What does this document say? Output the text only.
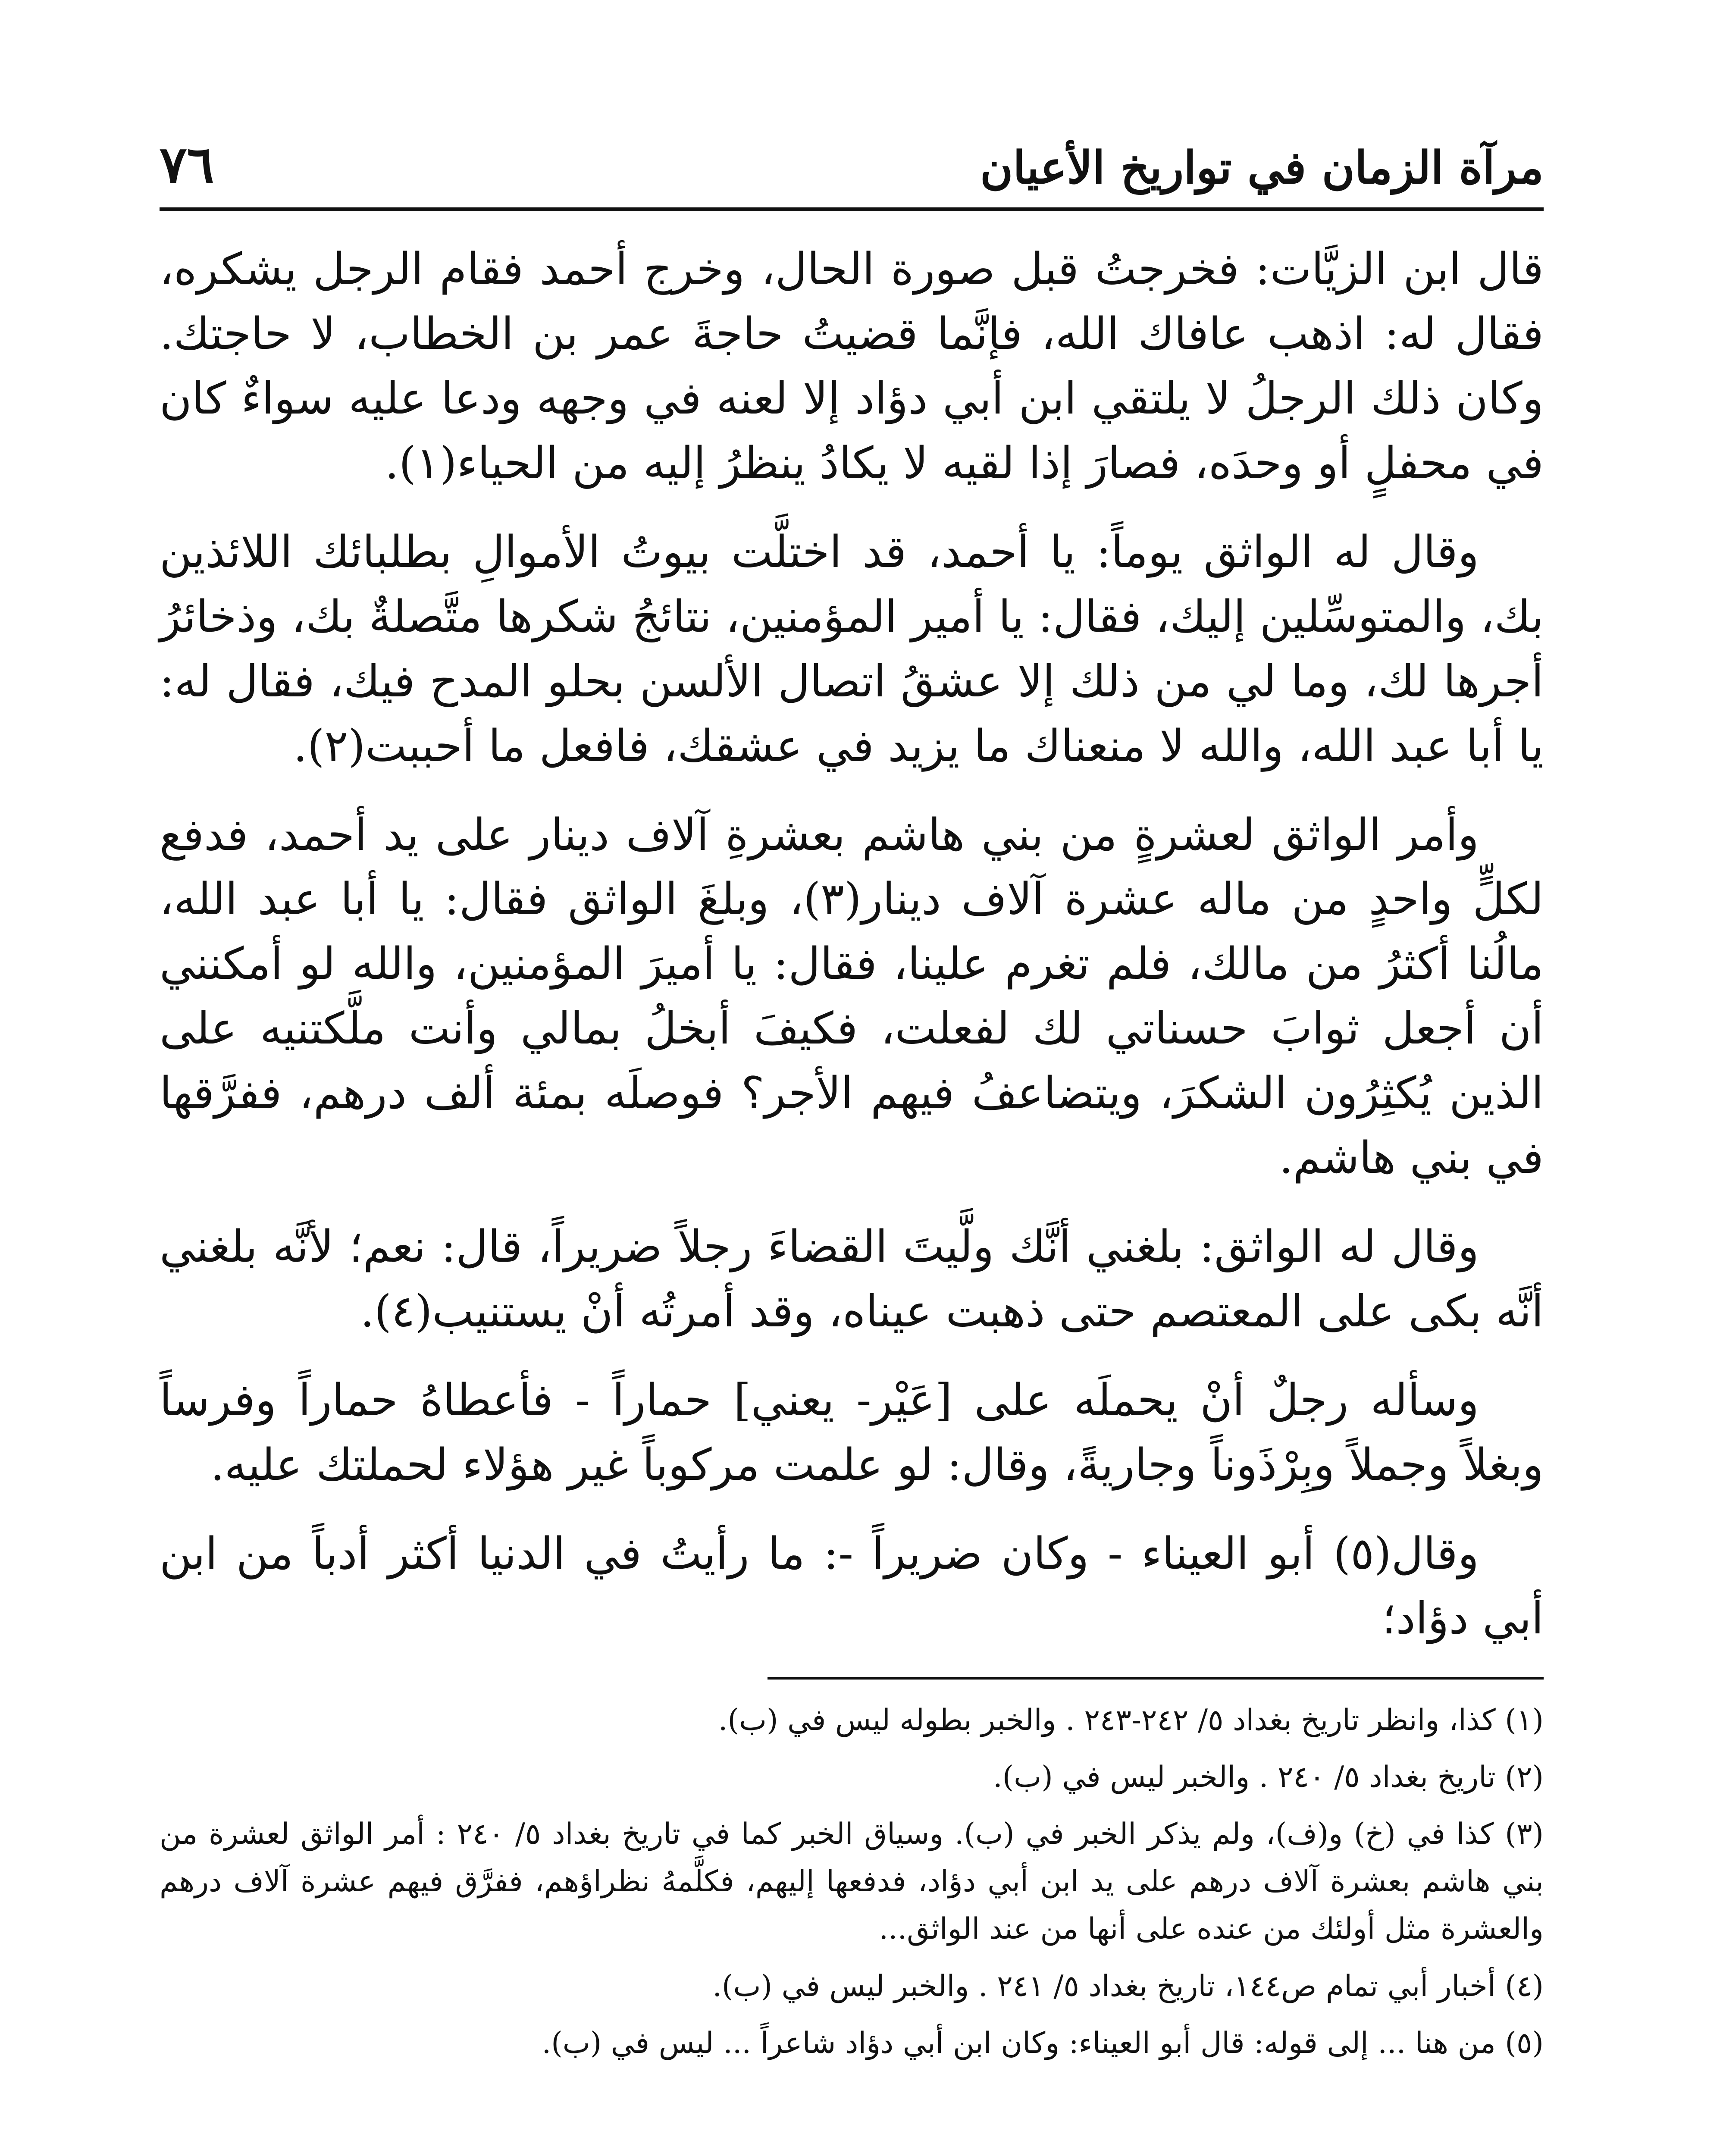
مرآة الزمان في تواريخ الأعيان
٧٦

قال ابن الزيَّات: فخرجتُ قبل صورة الحال، وخرج أحمد فقام الرجل يشكره، فقال له: اذهب عافاك الله، فإنَّما قضيتُ حاجةَ عمر بن الخطاب، لا حاجتك. وكان ذلك الرجلُ لا يلتقي ابن أبي دؤاد إلا لعنه في وجهه ودعا عليه سواءٌ كان في محفلٍ أو وحدَه، فصارَ إذا لقيه لا يكادُ ينظرُ إليه من الحياء(١).

وقال له الواثق يوماً: يا أحمد، قد اختلَّت بيوتُ الأموالِ بطلبائك اللائذين بك، والمتوسِّلين إليك، فقال: يا أمير المؤمنين، نتائجُ شكرها متَّصلةٌ بك، وذخائرُ أجرها لك، وما لي من ذلك إلا عشقُ اتصال الألسن بحلو المدح فيك، فقال له: يا أبا عبد الله، والله لا منعناك ما يزيد في عشقك، فافعل ما أحببت(٢).

وأمر الواثق لعشرةٍ من بني هاشم بعشرةِ آلاف دينار على يد أحمد، فدفع لكلٍّ واحدٍ من ماله عشرة آلاف دينار(٣)، وبلغَ الواثق فقال: يا أبا عبد الله، مالُنا أكثرُ من مالك، فلم تغرم علينا، فقال: يا أميرَ المؤمنين، والله لو أمكنني أن أجعل ثوابَ حسناتي لك لفعلت، فكيفَ أبخلُ بمالي وأنت ملَّكتنيه على الذين يُكثِرُون الشكرَ، ويتضاعفُ فيهم الأجر؟ فوصلَه بمئة ألف درهم، ففرَّقها في بني هاشم.

وقال له الواثق: بلغني أنَّك ولَّيتَ القضاءَ رجلاً ضريراً، قال: نعم؛ لأنَّه بلغني أنَّه بكى على المعتصم حتى ذهبت عيناه، وقد أمرتُه أنْ يستنيب(٤).

وسأله رجلٌ أنْ يحملَه على [عَيْر- يعني] حماراً - فأعطاهُ حماراً وفرساً وبغلاً وجملاً وبِرْذَوناً وجاريةً، وقال: لو علمت مركوباً غير هؤلاء لحملتك عليه.

وقال(٥) أبو العيناء - وكان ضريراً -: ما رأيتُ في الدنيا أكثر أدباً من ابن أبي دؤاد؛

(١) كذا، وانظر تاريخ بغداد ٥/ ٢٤٢-٢٤٣ . والخبر بطوله ليس في (ب).

(٢) تاريخ بغداد ٥/ ٢٤٠ . والخبر ليس في (ب).

(٣) كذا في (خ) و(ف)، ولم يذكر الخبر في (ب). وسياق الخبر كما في تاريخ بغداد ٥/ ٢٤٠ : أمر الواثق لعشرة من بني هاشم بعشرة آلاف درهم على يد ابن أبي دؤاد، فدفعها إليهم، فكلَّمهُ نظراؤهم، ففرَّق فيهم عشرة آلاف درهم والعشرة مثل أولئك من عنده على أنها من عند الواثق...

(٤) أخبار أبي تمام ص١٤٤، تاريخ بغداد ٥/ ٢٤١ . والخبر ليس في (ب).

(٥) من هنا ... إلى قوله: قال أبو العيناء: وكان ابن أبي دؤاد شاعراً ... ليس في (ب).
